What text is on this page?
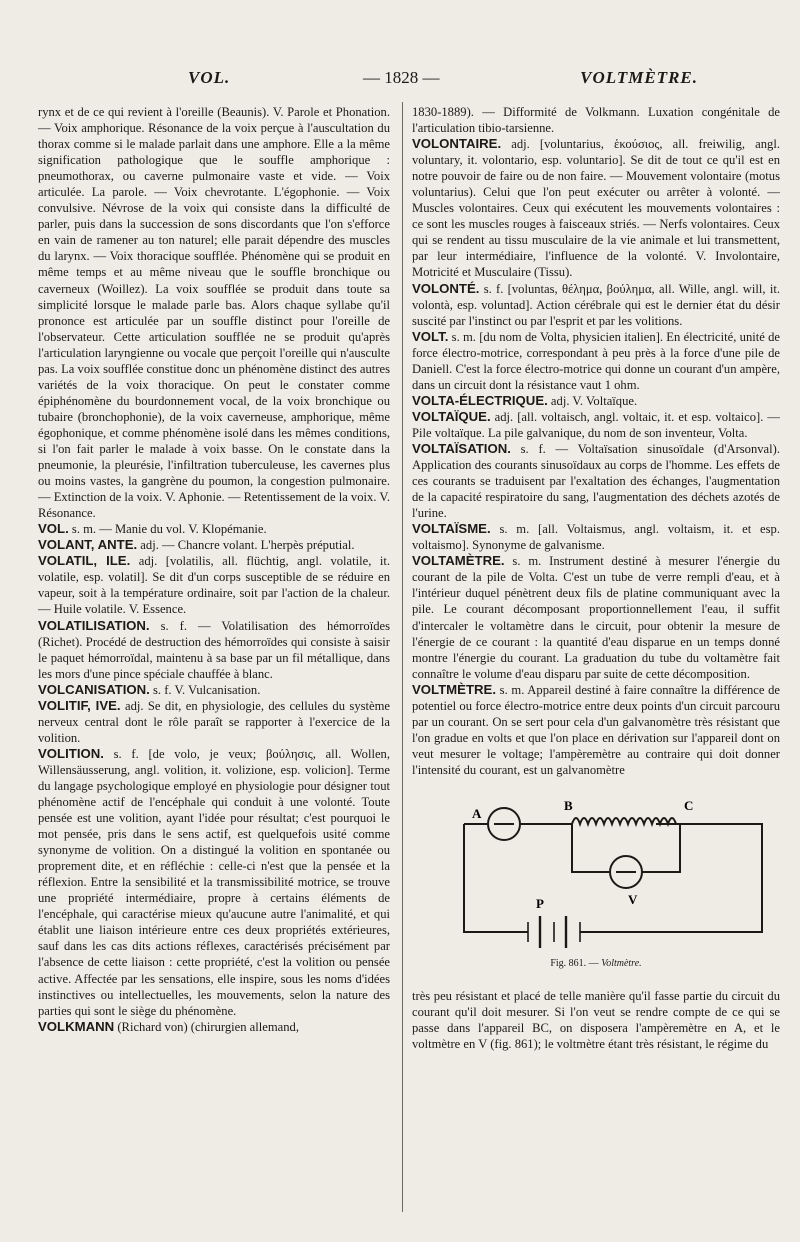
VOL.	— 1828 —	VOLTMÈTRE.

rynx et de ce qui revient à l'oreille (Beaunis). V. Parole et Phonation. — Voix amphorique. Résonance de la voix perçue à l'auscultation du thorax comme si le malade parlait dans une amphore. Elle a la même signification pathologique que le souffle amphorique : pneumothorax, ou caverne pulmonaire vaste et vide. — Voix articulée. La parole. — Voix chevrotante. L'égophonie. — Voix convulsive. Névrose de la voix qui consiste dans la difficulté de parler, puis dans la succession de sons discordants que l'on s'efforce en vain de ramener au ton naturel; elle parait dépendre des muscles du larynx. — Voix thoracique soufflée. Phénomène qui se produit en même temps et au même niveau que le souffle bronchique ou caverneux (Woillez). La voix soufflée se produit dans toute sa simplicité lorsque le malade parle bas. Alors chaque syllabe qu'il prononce est articulée par un souffle distinct pour l'oreille de l'observateur. Cette articulation soufflée ne se produit qu'après l'articulation laryngienne ou vocale que perçoit l'oreille qui n'ausculte pas. La voix soufflée constitue donc un phénomène distinct des autres variétés de la voix thoracique. On peut le constater comme épiphénomène du bourdonnement vocal, de la voix bronchique ou tubaire (bronchophonie), de la voix caverneuse, amphorique, même égophonique, et comme phénomène isolé dans les mêmes conditions, si l'on fait parler le malade à voix basse. On le constate dans la pneumonie, la pleurésie, l'infiltration tuberculeuse, les cavernes plus ou moins vastes, la gangrène du poumon, la congestion pulmonaire. — Extinction de la voix. V. Aphonie. — Retentissement de la voix. V. Résonance.

VOL. s. m. — Manie du vol. V. Klopémanie.

VOLANT, ANTE. adj. — Chancre volant. L'herpès préputial.

VOLATIL, ILE. adj. [volatilis, all. flüchtig, angl. volatile, it. volatile, esp. volatil]. Se dit d'un corps susceptible de se réduire en vapeur, soit à la température ordinaire, soit par l'action de la chaleur. — Huile volatile. V. Essence.

VOLATILISATION. s. f. — Volatilisation des hémorroïdes (Richet). Procédé de destruction des hémorroïdes qui consiste à saisir le paquet hémorroïdal, maintenu à sa base par un fil métallique, dans les mors d'une pince spéciale chauffée à blanc.

VOLCANISATION. s. f. V. Vulcanisation.

VOLITIF, IVE. adj. Se dit, en physiologie, des cellules du système nerveux central dont le rôle paraît se rapporter à l'exercice de la volition.

VOLITION. s. f. [de volo, je veux; βούλησις, all. Wollen, Willensäusserung, angl. volition, it. volizione, esp. volicion]. Terme du langage psychologique employé en physiologie pour désigner tout phénomène actif de l'encéphale qui conduit à une volonté. Toute pensée est une volition, ayant l'idée pour résultat; c'est pourquoi le mot pensée, pris dans le sens actif, est quelquefois usité comme synonyme de volition. On a distingué la volition en spontanée ou proprement dite, et en réfléchie : celle-ci n'est que la pensée et la réflexion. Entre la sensibilité et la transmissibilité motrice, se trouve une propriété intermédiaire, propre à certains éléments de l'encéphale, qui caractérise mieux qu'aucune autre l'animalité, et qui établit une liaison intérieure entre ces deux propriétés extérieures, sauf dans les cas dits actions réflexes, caractérisés précisément par l'absence de cette liaison : cette propriété, c'est la volition ou pensée active. Affectée par les sensations, elle inspire, sous les noms d'idées instinctives ou intellectuelles, les mouvements, selon la nature des parties qui sont le siège du phénomène.

VOLKMANN (Richard von) (chirurgien allemand,

1830-1889). — Difformité de Volkmann. Luxation congénitale de l'articulation tibio-tarsienne.

VOLONTAIRE. adj. [voluntarius, ἑκούσιος, all. freiwilig, angl. voluntary, it. volontario, esp. voluntario]. Se dit de tout ce qu'il est en notre pouvoir de faire ou de non faire. — Mouvement volontaire (motus voluntarius). Celui que l'on peut exécuter ou arrêter à volonté. — Muscles volontaires. Ceux qui exécutent les mouvements volontaires : ce sont les muscles rouges à faisceaux striés. — Nerfs volontaires. Ceux qui se rendent au tissu musculaire de la vie animale et lui transmettent, par leur intermédiaire, l'influence de la volonté. V. Involontaire, Motricité et Musculaire (Tissu).

VOLONTÉ. s. f. [voluntas, θέλημα, βούλημα, all. Wille, angl. will, it. volontà, esp. voluntad]. Action cérébrale qui est le dernier état du désir suscité par l'instinct ou par l'esprit et par les volitions.

VOLT. s. m. [du nom de Volta, physicien italien]. En électricité, unité de force électro-motrice, correspondant à peu près à la force d'une pile de Daniell. C'est la force électro-motrice qui donne un courant d'un ampère, dans un circuit dont la résistance vaut 1 ohm.

VOLTA-ÉLECTRIQUE. adj. V. Voltaïque.

VOLTAÏQUE. adj. [all. voltaisch, angl. voltaic, it. et esp. voltaico]. — Pile voltaïque. La pile galvanique, du nom de son inventeur, Volta.

VOLTAÏSATION. s. f. — Voltaïsation sinusoïdale (d'Arsonval). Application des courants sinusoïdaux au corps de l'homme. Les effets de ces courants se traduisent par l'exaltation des échanges, l'augmentation de la capacité respiratoire du sang, l'augmentation des déchets azotés de l'urine.

VOLTAÏSME. s. m. [all. Voltaismus, angl. voltaism, it. et esp. voltaismo]. Synonyme de galvanisme.

VOLTAMÈTRE. s. m. Instrument destiné à mesurer l'énergie du courant de la pile de Volta. C'est un tube de verre rempli d'eau, et à l'intérieur duquel pénètrent deux fils de platine communiquant avec la pile. Le courant décomposant proportionnellement l'eau, il suffit d'intercaler le voltamètre dans le circuit, pour obtenir la mesure de l'énergie de ce courant : la quantité d'eau disparue en un temps donné montre l'énergie du courant. La graduation du tube du voltamètre fait connaître le volume d'eau disparu par suite de cette décomposition.

VOLTMÈTRE. s. m. Appareil destiné à faire connaître la différence de potentiel ou force électro-motrice entre deux points d'un circuit parcouru par un courant. On se sert pour cela d'un galvanomètre très résistant que l'on gradue en volts et que l'on place en dérivation sur l'appareil dont on veut mesurer le voltage; l'ampèremètre au contraire qui doit donner l'intensité du courant, est un galvanomètre

A
B	C
V
P
Fig. 861. — Voltmètre.

très peu résistant et placé de telle manière qu'il fasse partie du circuit du courant qu'il doit mesurer. Si l'on veut se rendre compte de ce qui se passe dans l'appareil BC, on disposera l'ampèremètre en A, et le voltmètre en V (fig. 861); le voltmètre étant très résistant, le régime du
